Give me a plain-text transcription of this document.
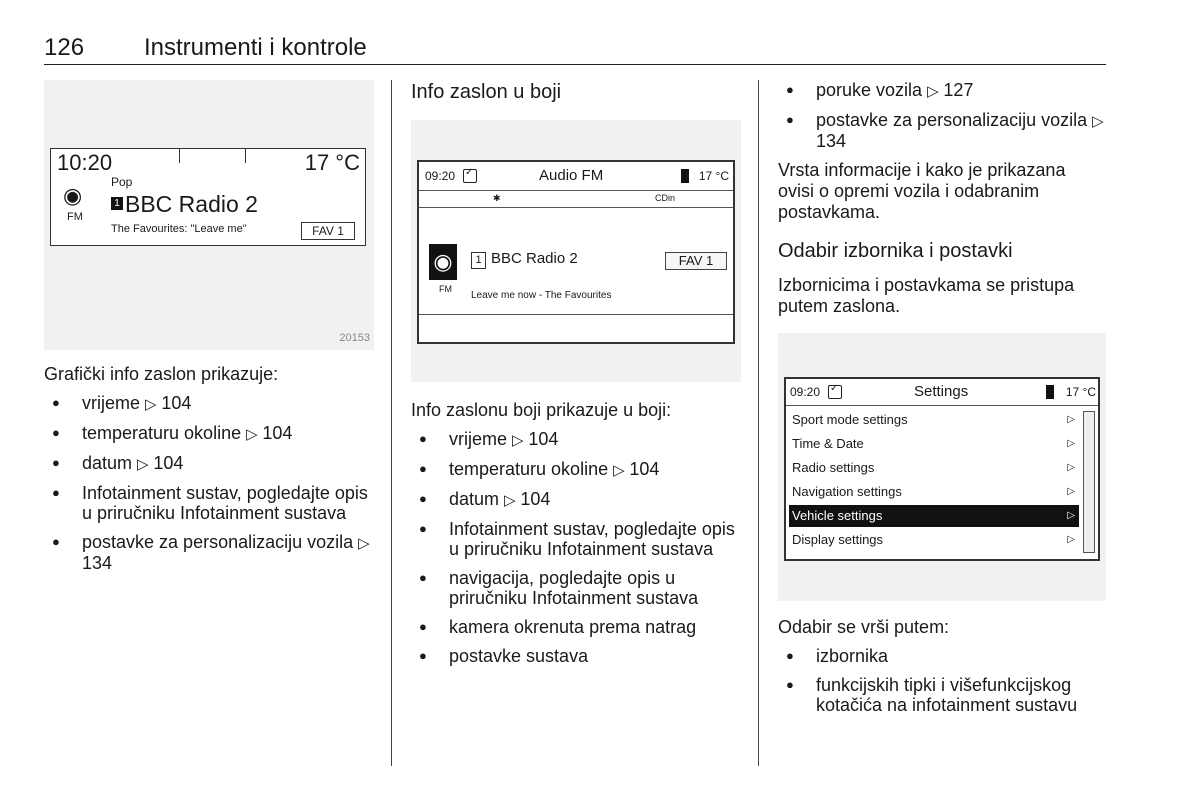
126 Instrumenti i kontrole
10:20	17 °C
◉
FM
Pop
1 BBC Radio 2
The Favourites: "Leave me"	FAV 1
20153

Grafički info zaslon prikazuje:

● vrijeme ▷ 104
● temperaturu okoline ▷ 104
● datum ▷ 104
● Infotainment sustav, pogledajte opis u priručniku Infotainment sustava
● postavke za personalizaciju vozila ▷ 134
Info zaslon u boji
09:20 ✓	Audio FM	17 °C
✱	CDin
◉	1 BBC Radio 2	FAV 1
FM
Leave me now - The Favourites

Info zaslonu boji prikazuje u boji:

● vrijeme ▷ 104
● temperaturu okoline ▷ 104
● datum ▷ 104
● Infotainment sustav, pogledajte opis u priručniku Infotainment sustava
● navigacija, pogledajte opis u priručniku Infotainment sustava
● kamera okrenuta prema natrag
● postavke sustava
● poruke vozila ▷ 127
● postavke za personalizaciju vozila ▷ 134

Vrsta informacije i kako je prikazana ovisi o opremi vozila i odabranim postavkama.

Odabir izbornika i postavki

Izbornicima i postavkama se pristupa putem zaslona.

09:20 ✓	Settings	17 °C
Sport mode settings	▷
Time & Date	▷
Radio settings	▷
Navigation settings	▷
Vehicle settings	▷
Display settings	▷

Odabir se vrši putem:

● izbornika
● funkcijskih tipki i višefunkcijskog kotačića na infotainment sustavu
